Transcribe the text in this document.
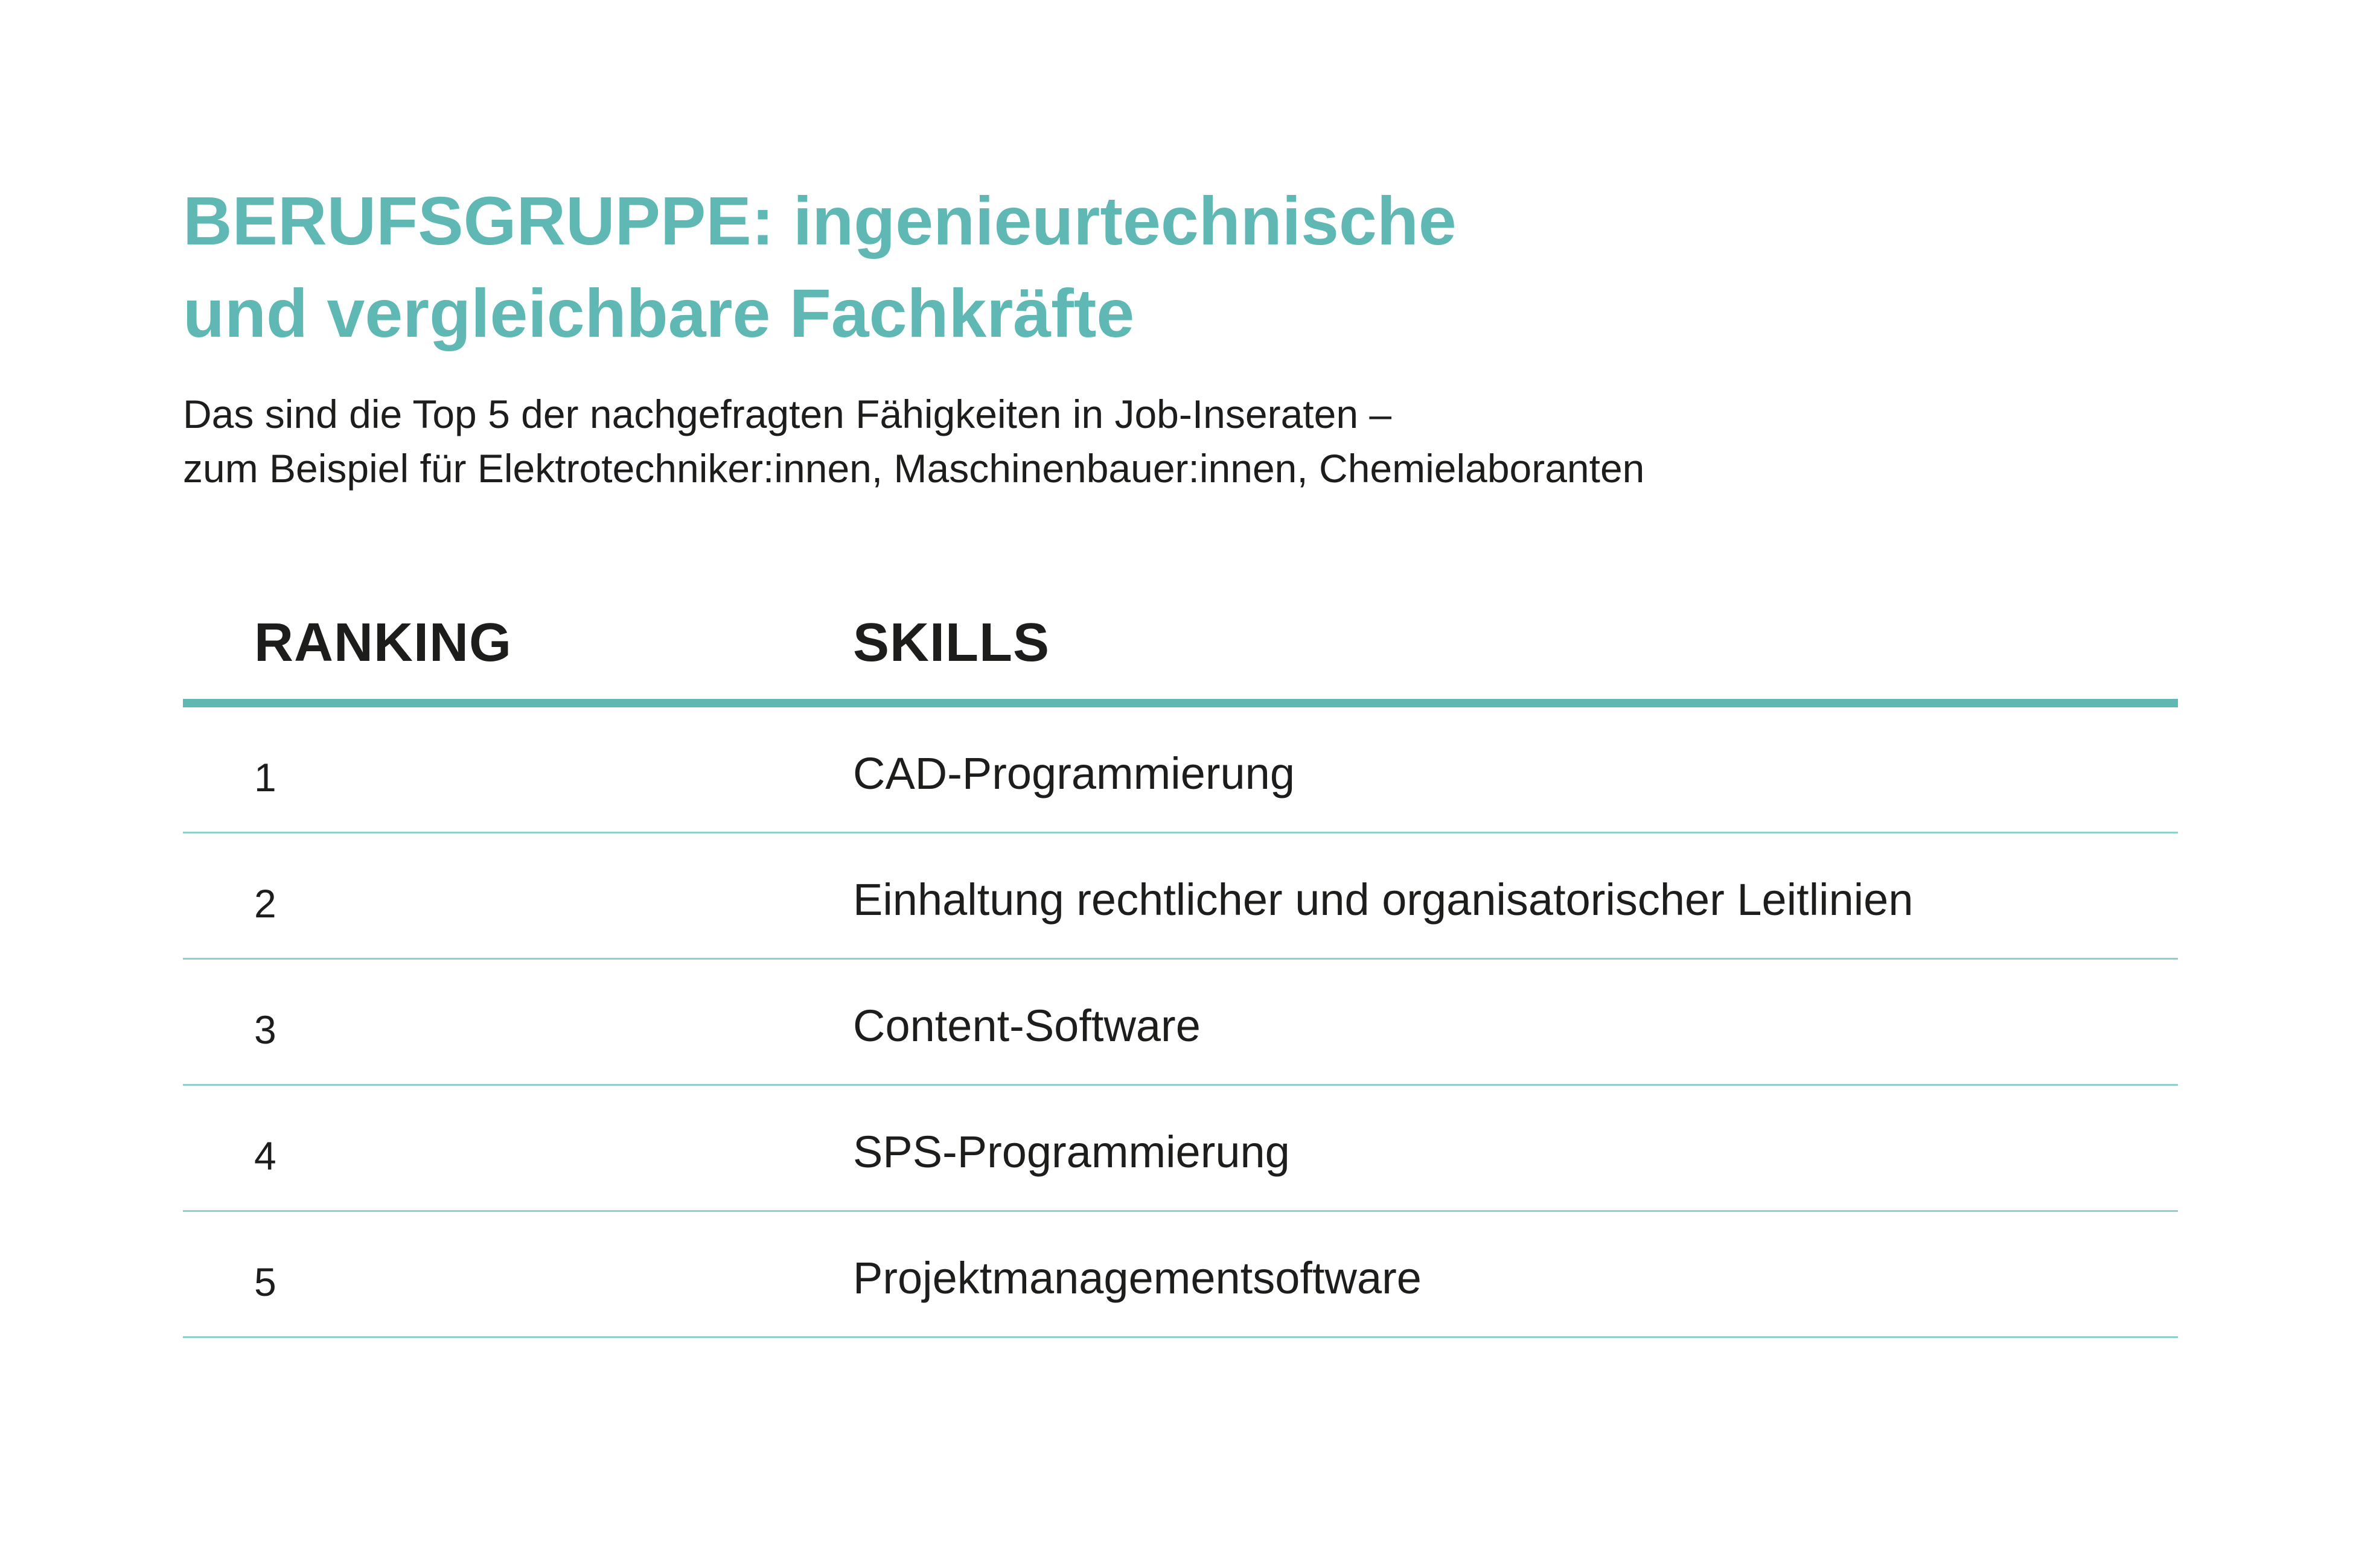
BERUFSGRUPPE: ingenieurtechnische
und vergleichbare Fachkräfte

Das sind die Top 5 der nachgefragten Fähigkeiten in Job-Inseraten –
zum Beispiel für Elektrotechniker:innen, Maschinenbauer:innen, Chemielaboranten

RANKING	SKILLS
1	CAD-Programmierung
2	Einhaltung rechtlicher und organisatorischer Leitlinien
3	Content-Software
4	SPS-Programmierung
5	Projektmanagementsoftware
